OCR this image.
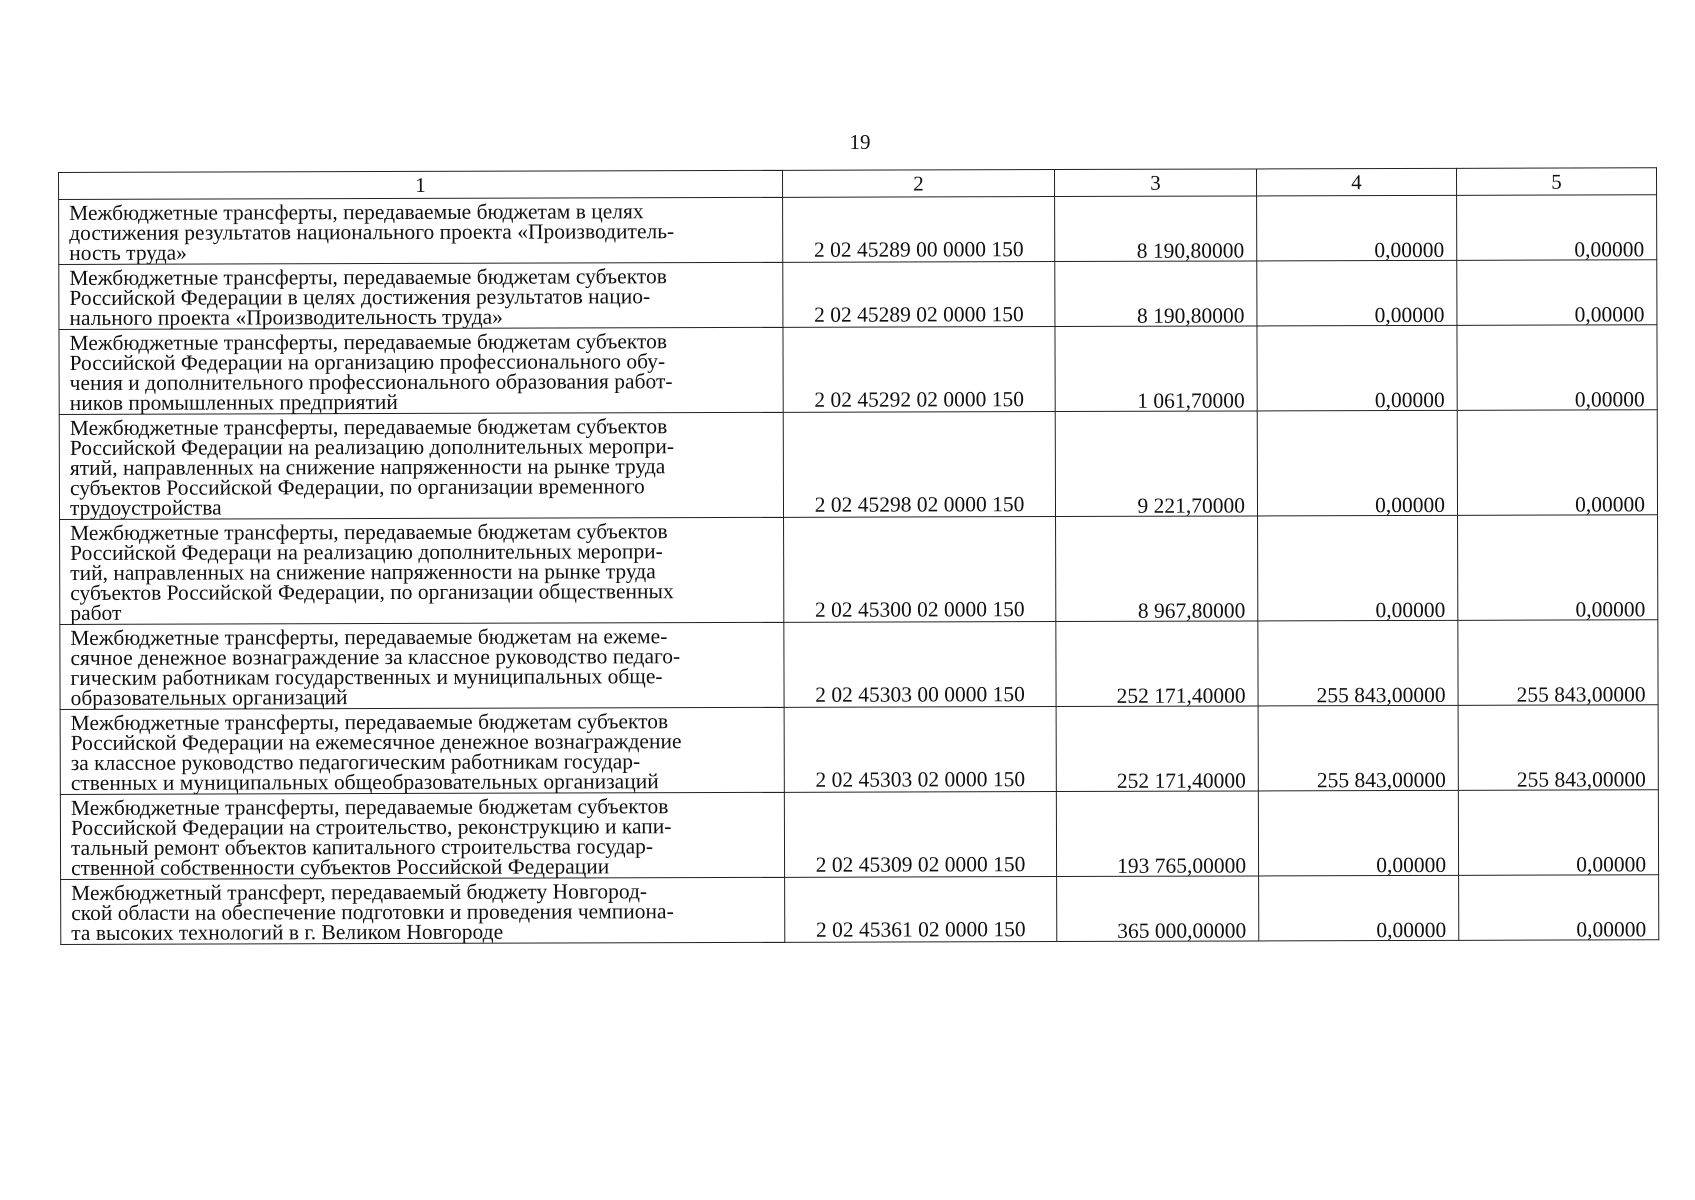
19
1	2	3	4	5

Межбюджетные трансферты, передаваемые бюджетам в целях
достижения результатов национального проекта «Производитель-
ность труда»	2 02 45289 00 0000 150	8 190,80000	0,00000	0,00000

Межбюджетные трансферты, передаваемые бюджетам субъектов
Российской Федерации в целях достижения результатов нацио-
нального проекта «Производительность труда»	2 02 45289 02 0000 150	8 190,80000	0,00000	0,00000

Межбюджетные трансферты, передаваемые бюджетам субъектов
Российской Федерации на организацию профессионального обу-
чения и дополнительного профессионального образования работ-
ников промышленных предприятий	2 02 45292 02 0000 150	1 061,70000	0,00000	0,00000

Межбюджетные трансферты, передаваемые бюджетам субъектов
Российской Федерации на реализацию дополнительных меропри-
ятий, направленных на снижение напряженности на рынке труда
субъектов Российской Федерации, по организации временного
трудоустройства	2 02 45298 02 0000 150	9 221,70000	0,00000	0,00000

Межбюджетные трансферты, передаваемые бюджетам субъектов
Российской Федераци на реализацию дополнительных меропри-
тий, направленных на снижение напряженности на рынке труда
субъектов Российской Федерации, по организации общественных
работ	2 02 45300 02 0000 150	8 967,80000	0,00000	0,00000

Межбюджетные трансферты, передаваемые бюджетам на ежеме-
сячное денежное вознаграждение за классное руководство педаго-
гическим работникам государственных и муниципальных обще-
образовательных организаций	2 02 45303 00 0000 150	252 171,40000	255 843,00000	255 843,00000

Межбюджетные трансферты, передаваемые бюджетам субъектов
Российской Федерации на ежемесячное денежное вознаграждение
за классное руководство педагогическим работникам государ-
ственных и муниципальных общеобразовательных организаций	2 02 45303 02 0000 150	252 171,40000	255 843,00000	255 843,00000

Межбюджетные трансферты, передаваемые бюджетам субъектов
Российской Федерации на строительство, реконструкцию и капи-
тальный ремонт объектов капитального строительства государ-
ственной собственности субъектов Российской Федерации	2 02 45309 02 0000 150	193 765,00000	0,00000	0,00000

Межбюджетный трансферт, передаваемый бюджету Новгород-
ской области на обеспечение подготовки и проведения чемпиона-
та высоких технологий в г. Великом Новгороде	2 02 45361 02 0000 150	365 000,00000	0,00000	0,00000
